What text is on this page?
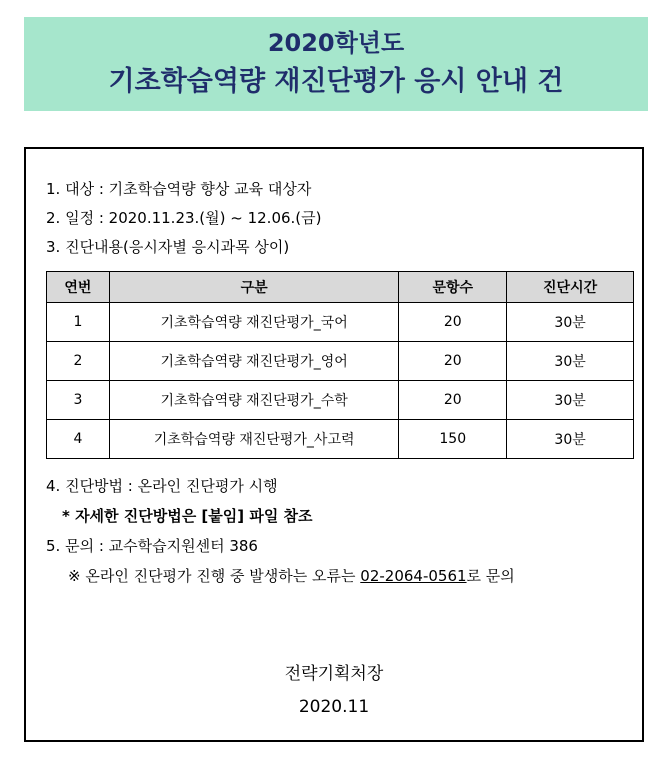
2020학년도
기초학습역량 재진단평가 응시 안내 건
1. 대상 : 기초학습역량 향상 교육 대상자
2. 일정 : 2020.11.23.(월) ~ 12.06.(금)
3. 진단내용(응시자별 응시과목 상이)
연번	구분	문항수	진단시간
1	기초학습역량 재진단평가_국어	20	30분
2	기초학습역량 재진단평가_영어	20	30분
3	기초학습역량 재진단평가_수학	20	30분
4	기초학습역량 재진단평가_사고력	150	30분
4. 진단방법 : 온라인 진단평가 시행
* 자세한 진단방법은 [붙임] 파일 참조
5. 문의 : 교수학습지원센터 386
※ 온라인 진단평가 진행 중 발생하는 오류는 02-2064-0561로 문의
전략기획처장
2020.11
